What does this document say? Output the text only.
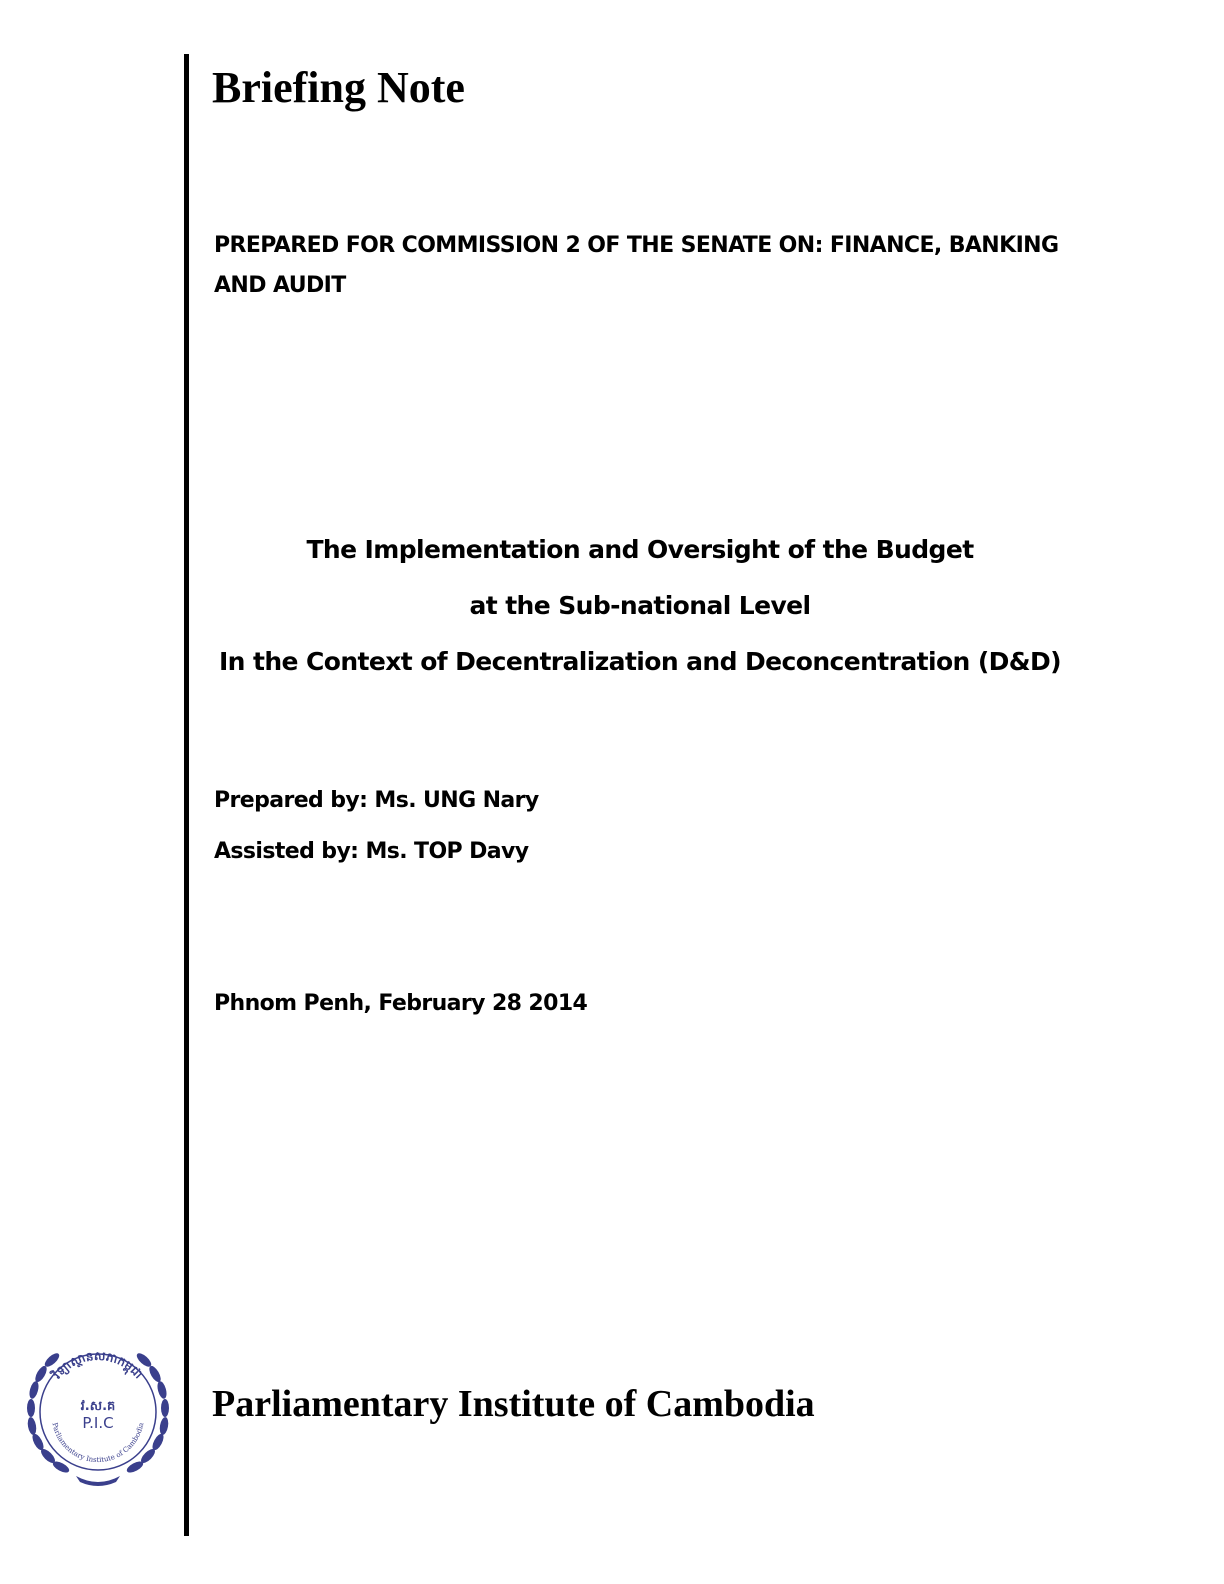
Briefing Note
PREPARED FOR COMMISSION 2 OF THE SENATE ON: FINANCE, BANKING
AND AUDIT
The Implementation and Oversight of the Budget
at the Sub-national Level
In the Context of Decentralization and Deconcentration (D&D)
Prepared by: Ms. UNG Nary
Assisted by: Ms. TOP Davy
Phnom Penh, February 28 2014
Parliamentary Institute of Cambodia
វិទ្យាស្ថានសភាកម្ពុជា
វ.ស.គ
P.I.C
Parliamentary Institute of Cambodia
